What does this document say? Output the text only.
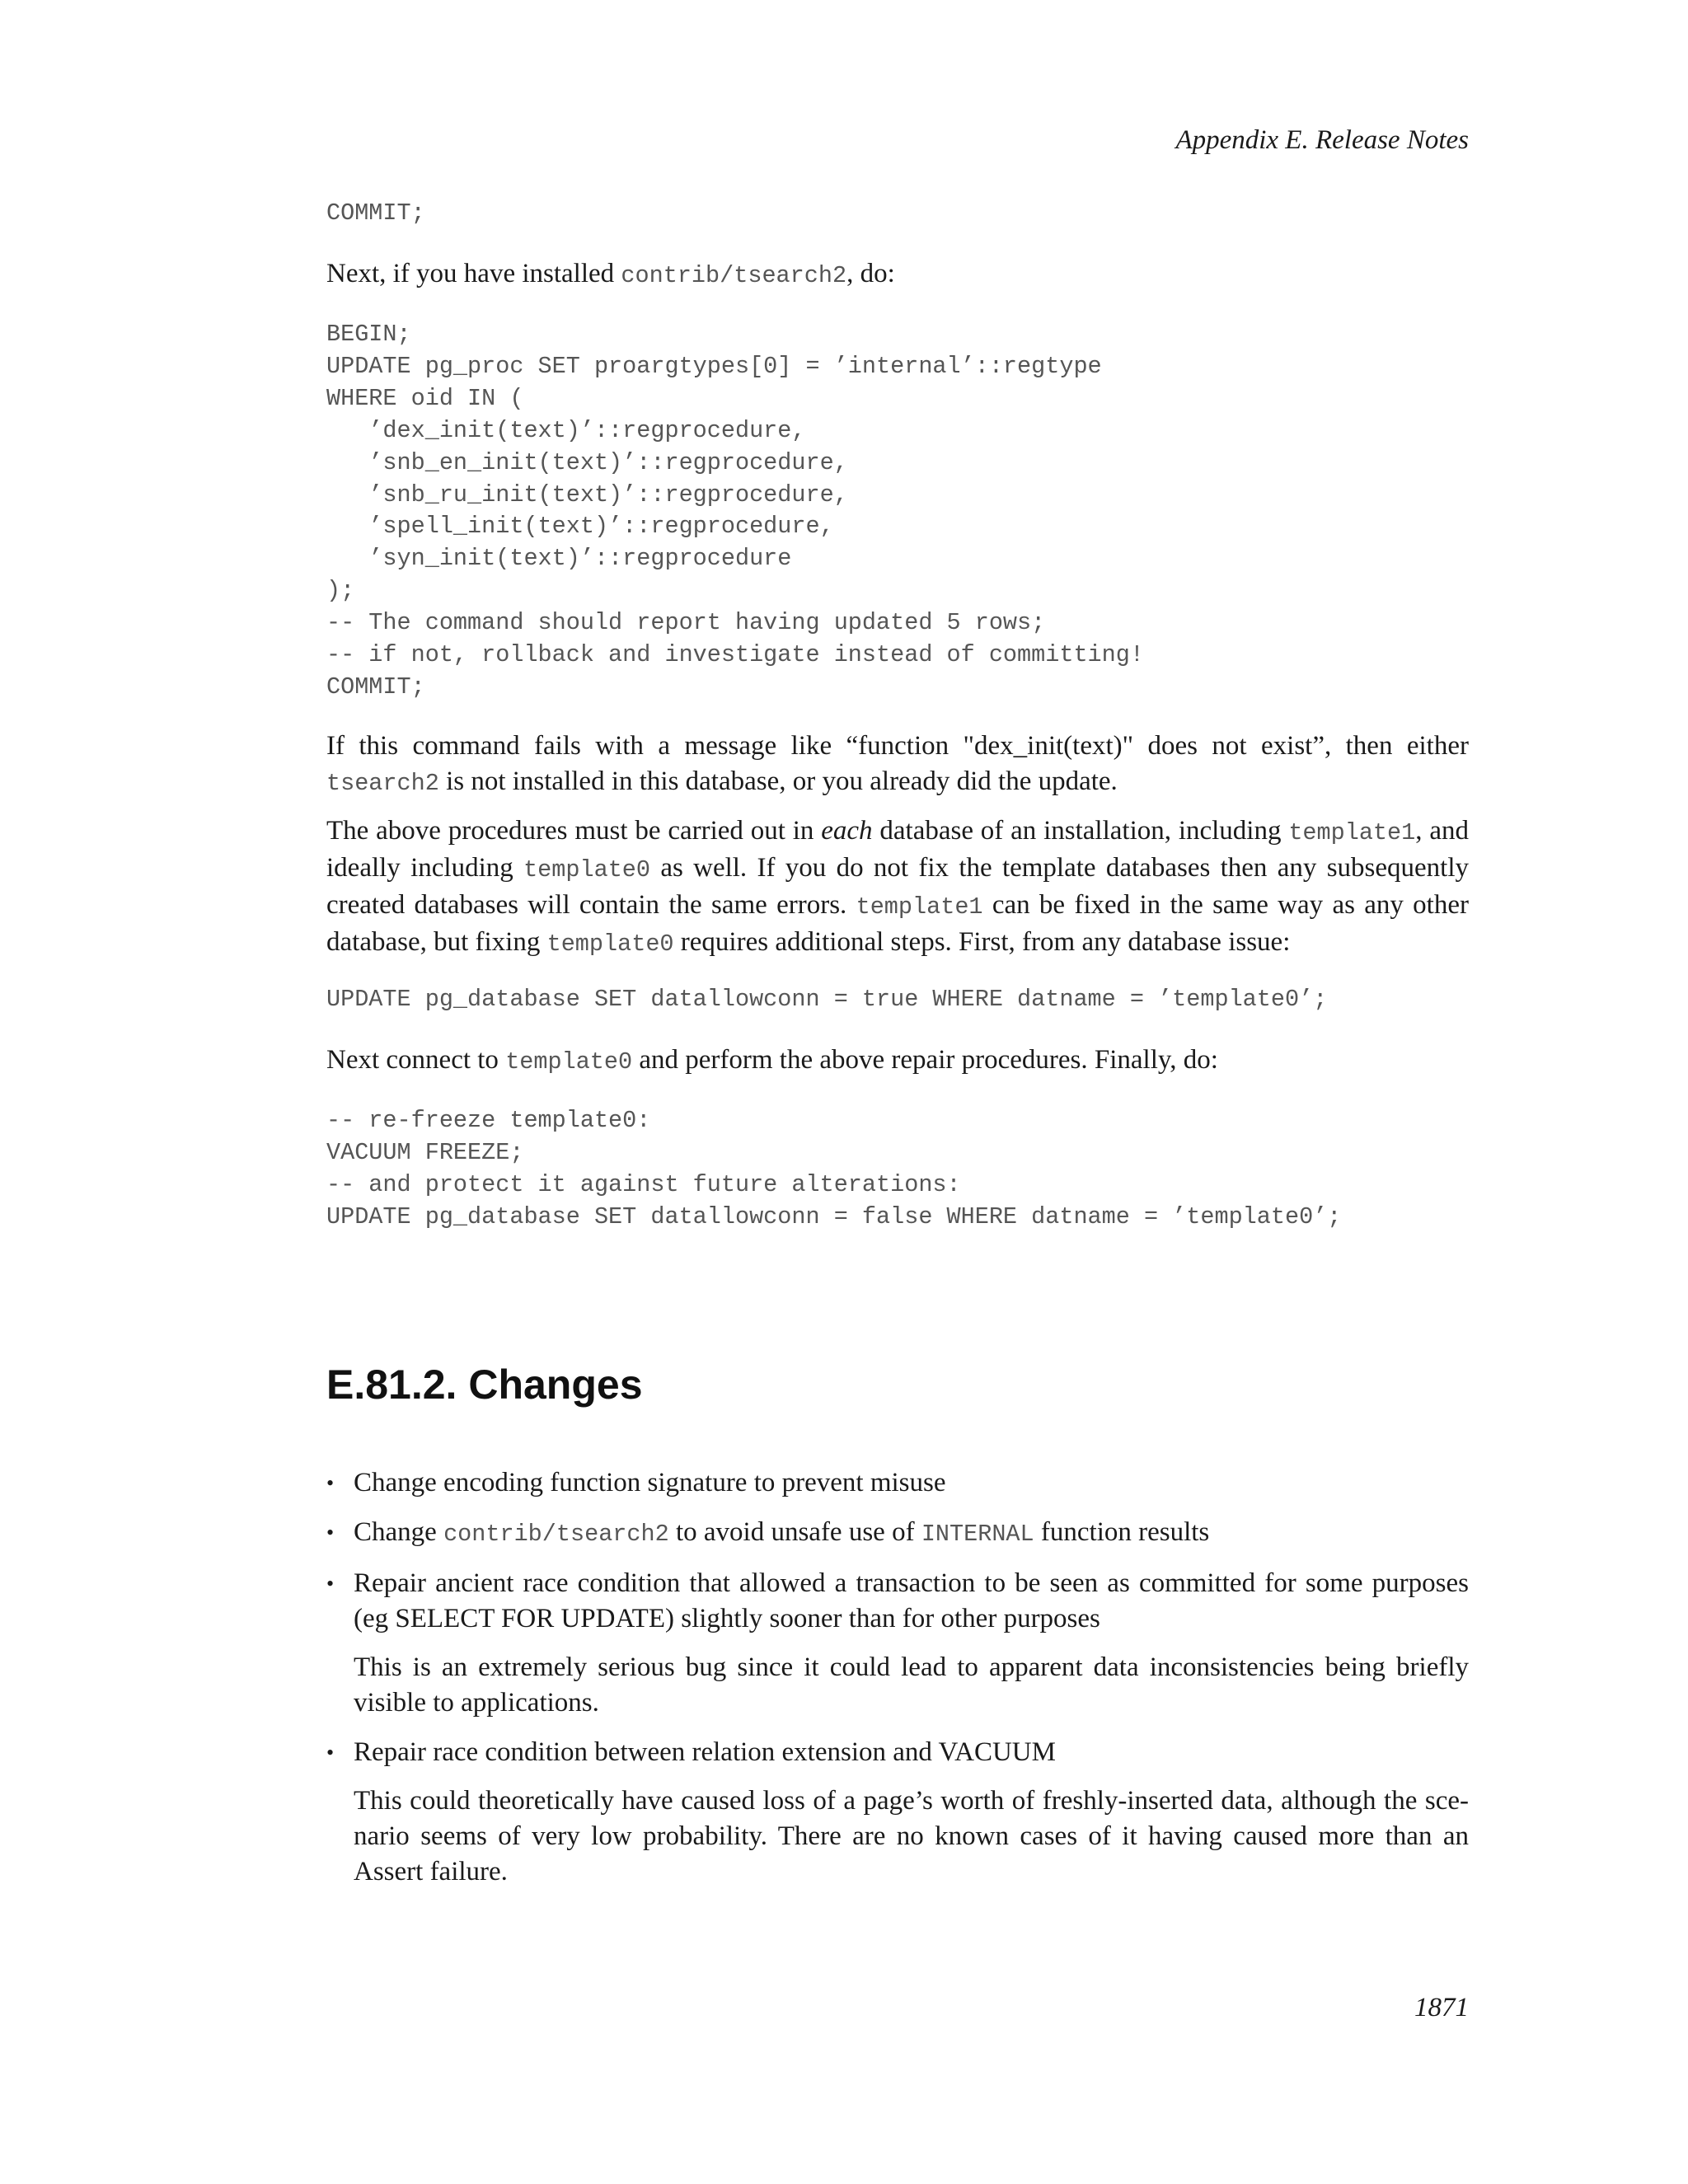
Appendix E. Release Notes
COMMIT;

Next, if you have installed contrib/tsearch2, do:

BEGIN;
UPDATE pg_proc SET proargtypes[0] = ’internal’::regtype
WHERE oid IN (
’dex_init(text)’::regprocedure,
’snb_en_init(text)’::regprocedure,
’snb_ru_init(text)’::regprocedure,
’spell_init(text)’::regprocedure,
’syn_init(text)’::regprocedure
);
-- The command should report having updated 5 rows;
-- if not, rollback and investigate instead of committing!
COMMIT;

If this command fails with a message like “function "dex_init(text)" does not exist”, then either tsearch2 is not installed in this database, or you already did the update.

The above procedures must be carried out in each database of an installation, including template1, and ideally including template0 as well. If you do not fix the template databases then any subsequently created databases will contain the same errors. template1 can be fixed in the same way as any other database, but fixing template0 requires additional steps. First, from any database issue:

UPDATE pg_database SET datallowconn = true WHERE datname = ’template0’;

Next connect to template0 and perform the above repair procedures. Finally, do:

-- re-freeze template0:
VACUUM FREEZE;
-- and protect it against future alterations:
UPDATE pg_database SET datallowconn = false WHERE datname = ’template0’;
E.81.2. Changes

• Change encoding function signature to prevent misuse

• Change contrib/tsearch2 to avoid unsafe use of INTERNAL function results

• Repair ancient race condition that allowed a transaction to be seen as committed for some purposes (eg SELECT FOR UPDATE) slightly sooner than for other purposes

This is an extremely serious bug since it could lead to apparent data inconsistencies being briefly visible to applications.

• Repair race condition between relation extension and VACUUM

This could theoretically have caused loss of a page’s worth of freshly-inserted data, although the sce- nario seems of very low probability. There are no known cases of it having caused more than an Assert failure.

1871
